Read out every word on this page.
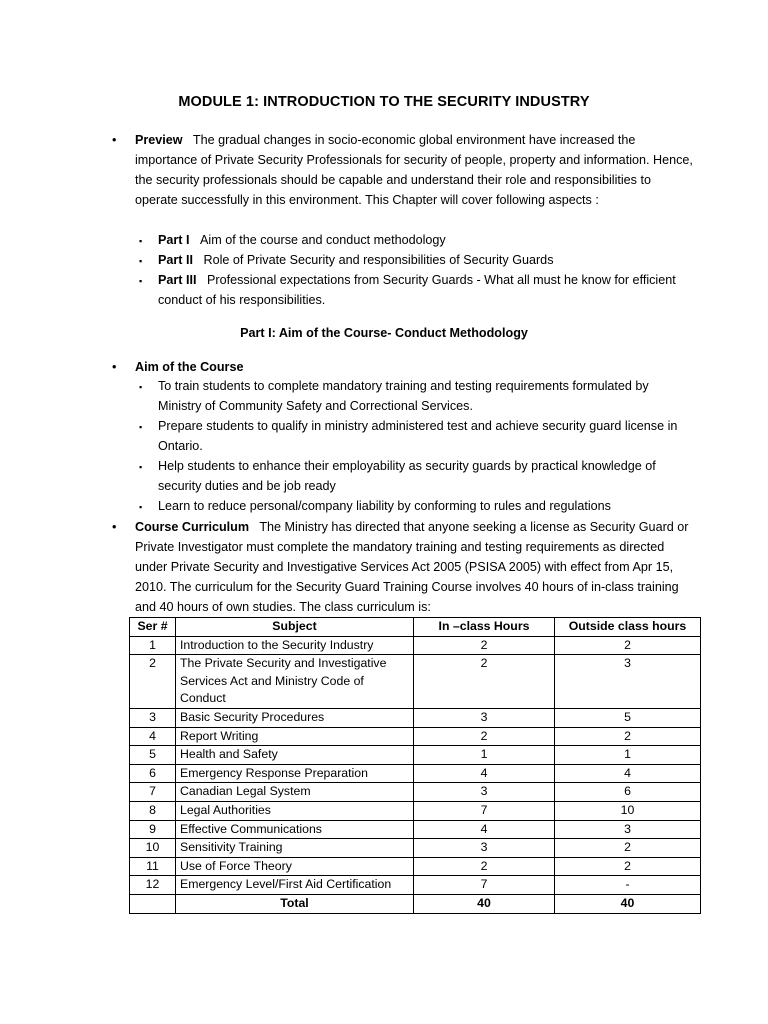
MODULE 1: INTRODUCTION TO THE SECURITY INDUSTRY
• Preview The gradual changes in socio-economic global environment have increased the importance of Private Security Professionals for security of people, property and information. Hence, the security professionals should be capable and understand their role and responsibilities to operate successfully in this environment. This Chapter will cover following aspects :
▪ Part I Aim of the course and conduct methodology
▪ Part II Role of Private Security and responsibilities of Security Guards
▪ Part III Professional expectations from Security Guards - What all must he know for efficient conduct of his responsibilities.
Part I: Aim of the Course- Conduct Methodology
• Aim of the Course
▪ To train students to complete mandatory training and testing requirements formulated by Ministry of Community Safety and Correctional Services.
▪ Prepare students to qualify in ministry administered test and achieve security guard license in Ontario.
▪ Help students to enhance their employability as security guards by practical knowledge of security duties and be job ready
▪ Learn to reduce personal/company liability by conforming to rules and regulations
• Course Curriculum The Ministry has directed that anyone seeking a license as Security Guard or Private Investigator must complete the mandatory training and testing requirements as directed under Private Security and Investigative Services Act 2005 (PSISA 2005) with effect from Apr 15, 2010. The curriculum for the Security Guard Training Course involves 40 hours of in-class training and 40 hours of own studies. The class curriculum is:
Ser #	Subject	In –class Hours	Outside class hours
1	Introduction to the Security Industry	2	2
2	The Private Security and Investigative Services Act and Ministry Code of Conduct	2	3
3	Basic Security Procedures	3	5
4	Report Writing	2	2
5	Health and Safety	1	1
6	Emergency Response Preparation	4	4
7	Canadian Legal System	3	6
8	Legal Authorities	7	10
9	Effective Communications	4	3
10	Sensitivity Training	3	2
11	Use of Force Theory	2	2
12	Emergency Level/First Aid Certification	7	-
	Total	40	40
